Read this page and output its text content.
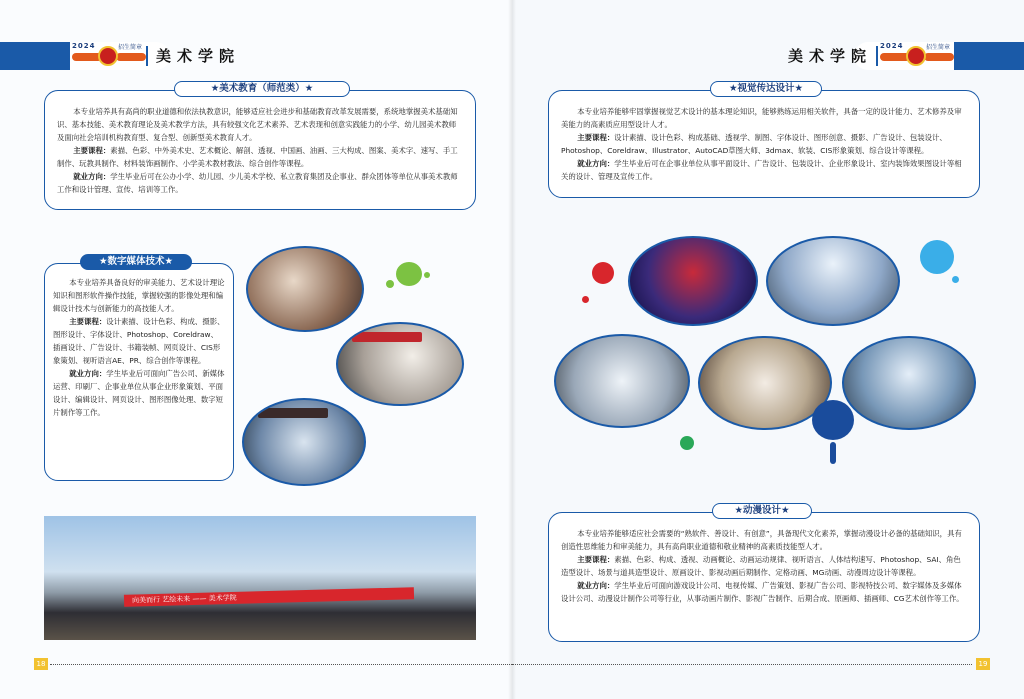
2024	招生简章 美术学院

本专业培养具有高尚的职业道德和依法执教意识，能够适应社会进步和基础教育改革发展需要，系统地掌握美术基础知识、基本技能、美术教育理论及美术教学方法，具有较强文化艺术素养、艺术表现和创意实践能力的小学、幼儿园美术教师及面向社会培训机构教育型、复合型、创新型美术教育人才。

主要课程：素描、色彩、中外美术史、艺术概论、解剖、透视、中国画、油画、三大构成、图案、美术字、速写、手工制作、玩教具制作、材料装饰画制作、小学美术教材教法、综合创作等课程。

就业方向：学生毕业后可在公办小学、幼儿园、少儿美术学校、私立教育集团及企事业、群众团体等单位从事美术教师工作和设计管理、宣传、培训等工作。

★美术教育（师范类）★

本专业培养具备良好的审美能力、艺术设计理论知识和图形软件操作技能，掌握较强的影像处理和编辑设计技术与创新能力的高技能人才。

主要课程：设计素描、设计色彩、构成、摄影、图形设计、字体设计、Photoshop、Coreldraw、插画设计、广告设计、书籍装帧、网页设计、CIS形象策划、视听语言AE、PR、综合创作等课程。

就业方向：学生毕业后可面向广告公司、新媒体运营、印刷厂、企事业单位从事企业形象策划、平面设计、编辑设计、网页设计、图形图像处理、数字短片制作等工作。

★数字媒体技术★
向美而行 艺绘未来 —— 美术学院
18
2024	招生简章
美术学院

本专业培养能够牢固掌握视觉艺术设计的基本理论知识，能够熟练运用相关软件，具备一定的设计能力、艺术修养及审美能力的高素质应用型设计人才。

主要课程：设计素描、设计色彩、构成基础、透视学、制图、字体设计、图形创意、摄影、广告设计、包装设计、Photoshop、Coreldraw、Illustrator、AutoCAD草图大师、3dmax、软装、CIS形象策划、综合设计等课程。

就业方向：学生毕业后可在企事业单位从事平面设计、广告设计、包装设计、企业形象设计、室内装饰效果图设计等相关的设计、管理及宣传工作。

★视觉传达设计★

本专业培养能够适应社会需要的“熟软件、善设计、有创意”，具备现代文化素养，掌握动漫设计必备的基础知识，具有创造性思维能力和审美能力，具有高尚职业道德和敬业精神的高素质技能型人才。

主要课程：素描、色彩、构成、透视、动画概论、动画运动规律、视听语言、人体结构速写、Photoshop、SAI、角色造型设计、场景与道具造型设计、原画设计、影视动画后期制作、定格动画、MG动画、动漫周边设计等课程。

就业方向：学生毕业后可面向游戏设计公司、电视传媒、广告策划、影视广告公司、影视特技公司、数字媒体及多媒体设计公司、动漫设计制作公司等行业，从事动画片制作、影视广告制作、后期合成、原画师、插画师、CG艺术创作等工作。

★动漫设计★
19
